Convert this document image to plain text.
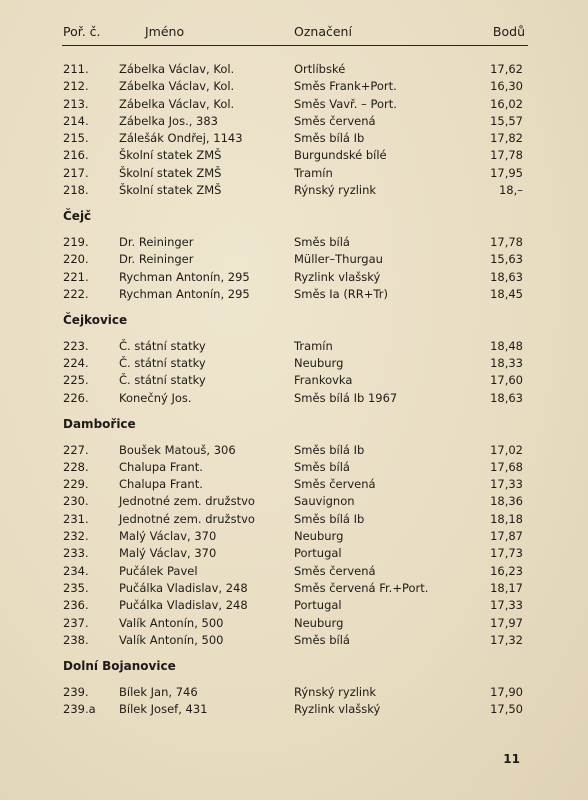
Poř. č.	Jméno	Označení	Bodů
211.	Zábelka Václav, Kol.	Ortlíbské	17,62
212.	Zábelka Václav, Kol.	Směs Frank+Port.	16,30
213.	Zábelka Václav, Kol.	Směs Vavř. – Port.	16,02
214.	Zábelka Jos., 383	Směs červená	15,57
215.	Zálešák Ondřej, 1143	Směs bílá Ib	17,82
216.	Školní statek ZMŠ	Burgundské bílé	17,78
217.	Školní statek ZMŠ	Tramín	17,95
218.	Školní statek ZMŠ	Rýnský ryzlink	18,–
Čejč
219.	Dr. Reininger	Směs bílá	17,78
220.	Dr. Reininger	Müller–Thurgau	15,63
221.	Rychman Antonín, 295	Ryzlink vlašský	18,63
222.	Rychman Antonín, 295	Směs Ia (RR+Tr)	18,45
Čejkovice
223.	Č. státní statky	Tramín	18,48
224.	Č. státní statky	Neuburg	18,33
225.	Č. státní statky	Frankovka	17,60
226.	Konečný Jos.	Směs bílá Ib 1967	18,63
Dambořice
227.	Boušek Matouš, 306	Směs bílá Ib	17,02
228.	Chalupa Frant.	Směs bílá	17,68
229.	Chalupa Frant.	Směs červená	17,33
230.	Jednotné zem. družstvo	Sauvignon	18,36
231.	Jednotné zem. družstvo	Směs bílá Ib	18,18
232.	Malý Václav, 370	Neuburg	17,87
233.	Malý Václav, 370	Portugal	17,73
234.	Pučálek Pavel	Směs červená	16,23
235.	Pučálka Vladislav, 248	Směs červená Fr.+Port.	18,17
236.	Pučálka Vladislav, 248	Portugal	17,33
237.	Valík Antonín, 500	Neuburg	17,97
238.	Valík Antonín, 500	Směs bílá	17,32
Dolní Bojanovice
239.	Bílek Jan, 746	Rýnský ryzlink	17,90
239.a Bílek Josef, 431	Ryzlink vlašský	17,50
11
